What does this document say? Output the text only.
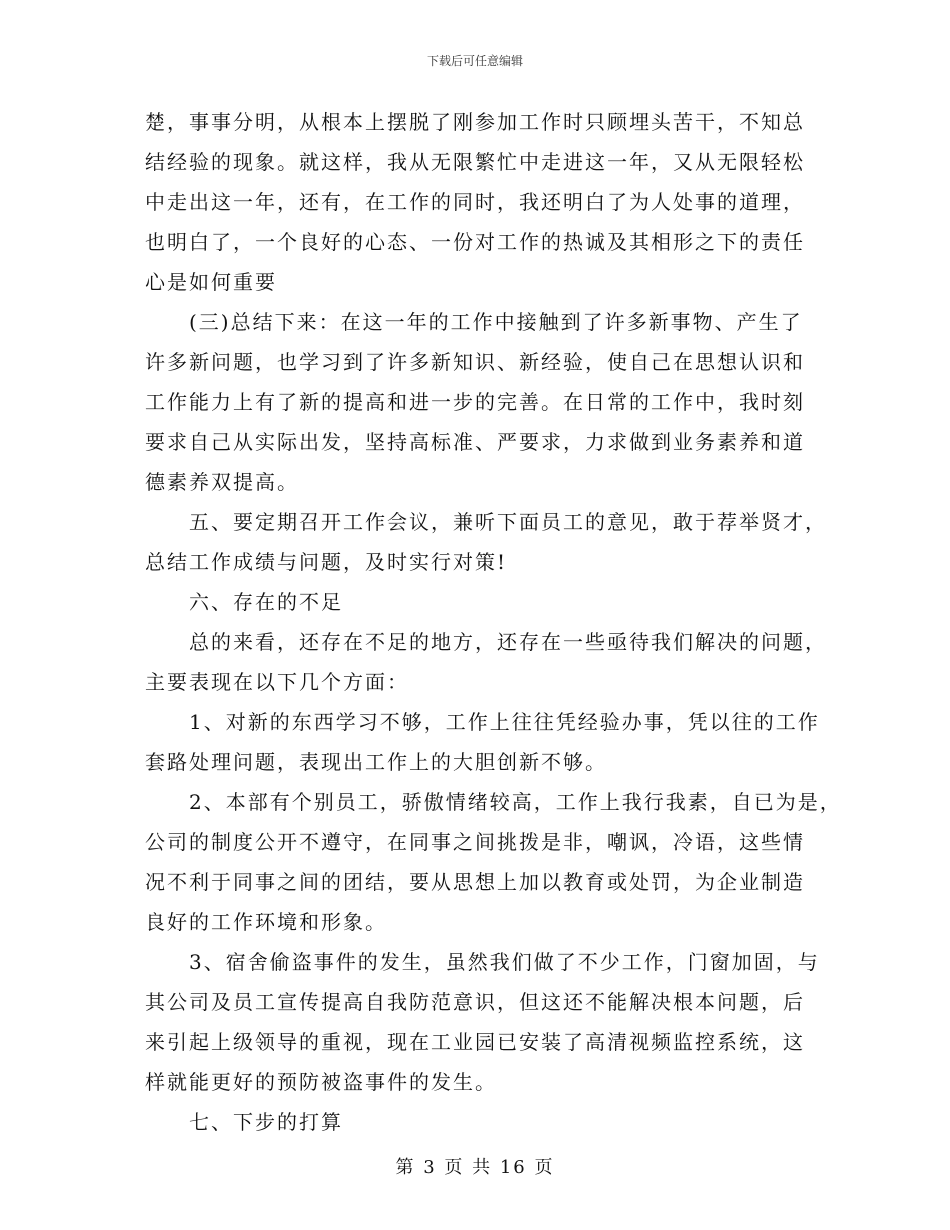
下载后可任意编辑
楚，事事分明，从根本上摆脱了刚参加工作时只顾埋头苦干，不知总
结经验的现象。就这样，我从无限繁忙中走进这一年，又从无限轻松
中走出这一年，还有，在工作的同时，我还明白了为人处事的道理，
也明白了，一个良好的心态、一份对工作的热诚及其相形之下的责任
心是如何重要
(三)总结下来：在这一年的工作中接触到了许多新事物、产生了
许多新问题，也学习到了许多新知识、新经验，使自己在思想认识和
工作能力上有了新的提高和进一步的完善。在日常的工作中，我时刻
要求自己从实际出发，坚持高标准、严要求，力求做到业务素养和道
德素养双提高。
五、要定期召开工作会议，兼听下面员工的意见，敢于荐举贤才，
总结工作成绩与问题，及时实行对策!
六、存在的不足
总的来看，还存在不足的地方，还存在一些亟待我们解决的问题，
主要表现在以下几个方面：
1、对新的东西学习不够，工作上往往凭经验办事，凭以往的工作
套路处理问题，表现出工作上的大胆创新不够。
2、本部有个别员工，骄傲情绪较高，工作上我行我素，自已为是，
公司的制度公开不遵守，在同事之间挑拨是非，嘲讽，冷语，这些情
况不利于同事之间的团结，要从思想上加以教育或处罚，为企业制造
良好的工作环境和形象。
3、宿舍偷盗事件的发生，虽然我们做了不少工作，门窗加固，与
其公司及员工宣传提高自我防范意识，但这还不能解决根本问题，后
来引起上级领导的重视，现在工业园已安装了高清视频监控系统，这
样就能更好的预防被盗事件的发生。
七、下步的打算
第 3 页 共 16 页
